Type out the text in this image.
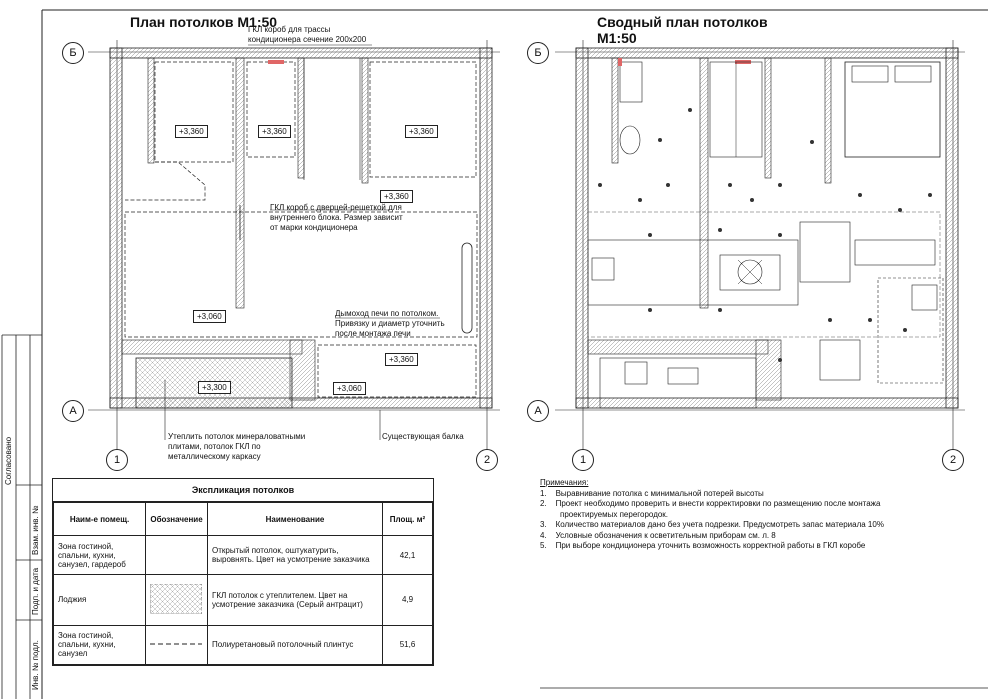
Согласовано
Взам. инв. №
Подп. и дата
Инв. № подл.
План потолков М1:50
Б
А
1	2
ГКЛ короб для трассы
кондиционера сечение 200х200
ГКЛ короб с дверцей-решеткой для
внутреннего блока. Размер зависит
от марки кондиционера
Дымоход печи по потолком.
Привязку и диаметр уточнить
после монтажа печи
Утеплить потолок минераловатными
плитами, потолок ГКЛ по
металлическому каркасу
Существующая балка
+3,360	+3,360	+3,360
+3,360
+3,060
+3,360
+3,300	+3,060
Сводный план потолков
М1:50
Б
А
1	2
Экспликация потолков
Наим-е помещ.	Обозначение	Наименование	Площ. м²
Зона гостиной, спальни, кухни, санузел, гардероб		Открытый потолок, оштукатурить, выровнять. Цвет на усмотрение заказчика	42,1
Лоджия		ГКЛ потолок с утеплителем. Цвет на усмотрение заказчика (Серый антрацит)	4,9
Зона гостиной, спальни, кухни, санузел		Полиуретановый потолочный плинтус	51,6
Примечания:
1.    Выравнивание потолка с минимальной потерей высоты
2.    Проект необходимо проверить и внести корректировки по размещению после монтажа
проектируемых перегородок.
3.    Количество материалов дано без учета подрезки. Предусмотреть запас материала 10%
4.    Условные обозначения к осветительным приборам см. л. 8
5.    При выборе кондиционера уточнить возможность корректной работы в ГКЛ коробе
